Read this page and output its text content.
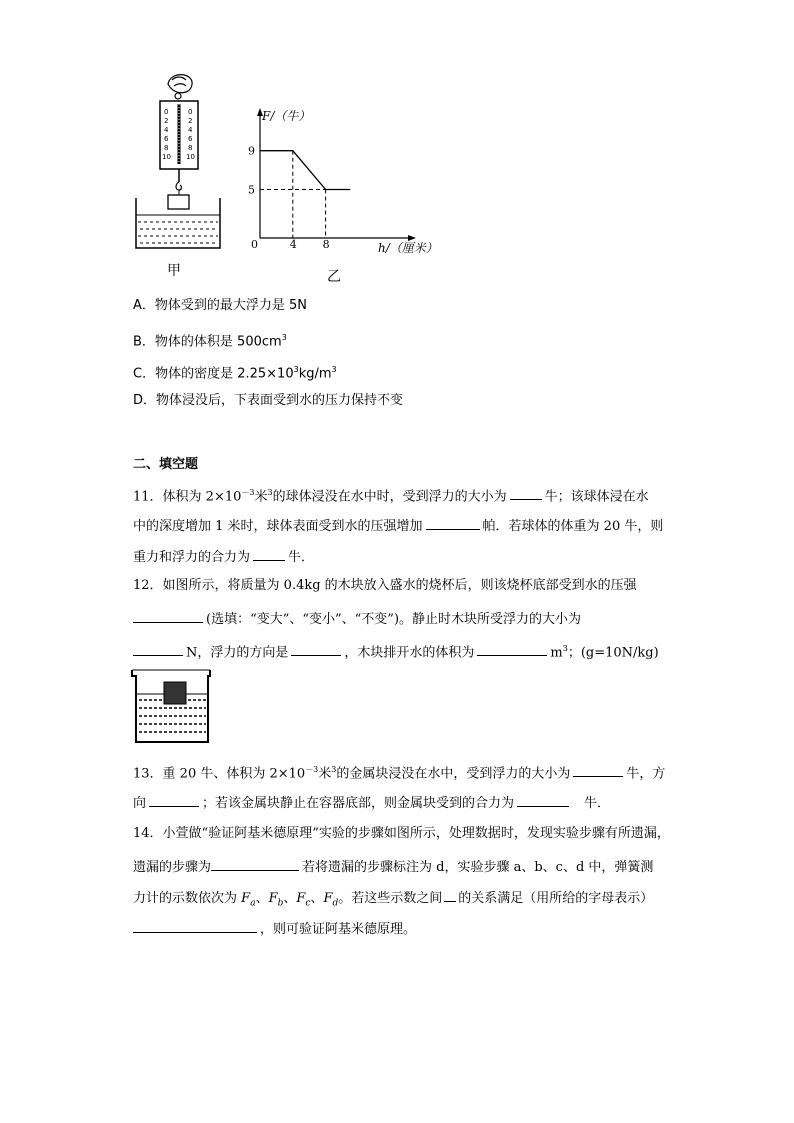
0
2
4
6
8
10
0
2
4
6
8
10
甲
F/（牛）
h/（厘米）
0
9
5
4 8
乙
A．物体受到的最大浮力是 5N
B．物体的体积是 $500cm^3$
C．物体的密度是 $2.25\times 10^3kg/m^3$
D．物体浸没后，下表面受到水的压力保持不变
二、填空题
11．体积为 $2\times 10^{-3}$米$^3$的球体浸没在水中时，受到浮力的大小为	牛；该球体浸在水
中的深度增加 1 米时，球体表面受到水的压强增加	帕．若球体的体重为 20 牛，则
重力和浮力的合力为	牛．
12．如图所示，将质量为 0.4kg 的木块放入盛水的烧杯后，则该烧杯底部受到水的压强
(选填：“变大”、“变小”、“不变”)。静止时木块所受浮力的大小为
N，浮力的方向是	，木块排开水的体积为	$m^3$；(g=10N/kg)
13．重 20 牛、体积为 $2\times 10^{-3}$米$^3$的金属块浸没在水中，受到浮力的大小为	牛，方
向	；若该金属块静止在容器底部，则金属块受到的合力为	牛．
14．小萱做“验证阿基米德原理”实验的步骤如图所示，处理数据时，发现实验步骤有所遗漏，
遗漏的步骤为	若将遗漏的步骤标注为 d，实验步骤 a、b、c、d 中，弹簧测
力计的示数依次为 $F_a$、$F_b$、$F_c$、$F_d$。若这些示数之间 的关系满足（用所给的字母表示）
，则可验证阿基米德原理。
